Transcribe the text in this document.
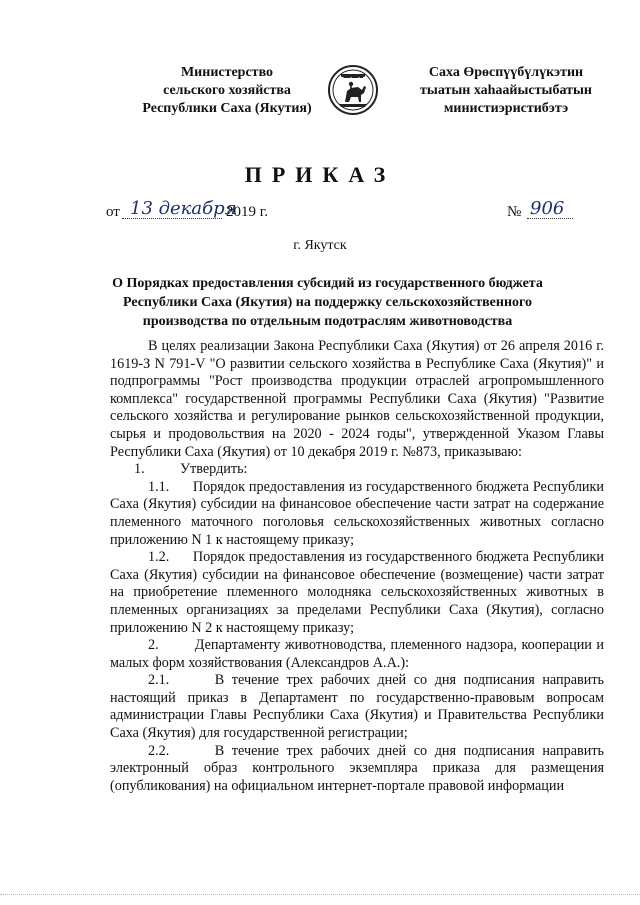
Министерство
сельского хозяйства
Республики Саха (Якутия)
Саха Өрөспүүбүлүкэтин
тыатын хаһаайыстыбатын
министиэристибэтэ
ПРИКАЗ
от 13 декабря
2019 г.	№ 906
г. Якутск
О Порядках предоставления субсидий из государственного бюджета Республики Саха (Якутия) на поддержку сельскохозяйственного производства по отдельным подотраслям животноводства

В целях реализации Закона Республики Саха (Якутия) от 26 апреля 2016 г. 1619-З N 791-V "О развитии сельского хозяйства в Республике Саха (Якутия)" и подпрограммы "Рост производства продукции отраслей агропромышленного комплекса" государственной программы Республики Саха (Якутия) "Развитие сельского хозяйства и регулирование рынков сельскохозяйственной продукции, сырья и продовольствия на 2020 - 2024 годы", утвержденной Указом Главы Республики Саха (Якутия) от 10 декабря 2019 г. №873, приказываю:

1.	Утвердить:

1.1. Порядок предоставления из государственного бюджета Республики Саха (Якутия) субсидии на финансовое обеспечение части затрат на содержание племенного маточного поголовья сельскохозяйственных животных согласно приложению N 1 к настоящему приказу;

1.2. Порядок предоставления из государственного бюджета Республики Саха (Якутия) субсидии на финансовое обеспечение (возмещение) части затрат на приобретение племенного молодняка сельскохозяйственных животных в племенных организациях за пределами Республики Саха (Якутия), согласно приложению N 2 к настоящему приказу;

2.	Департаменту животноводства, племенного надзора, кооперации и малых форм хозяйствования (Александров А.А.):

2.1.	В течение трех рабочих дней со дня подписания направить настоящий приказ в Департамент по государственно-правовым вопросам администрации Главы Республики Саха (Якутия) и Правительства Республики Саха (Якутия) для государственной регистрации;

2.2.	В течение трех рабочих дней со дня подписания направить электронный образ контрольного экземпляра приказа для размещения (опубликования) на официальном интернет-портале правовой информации
